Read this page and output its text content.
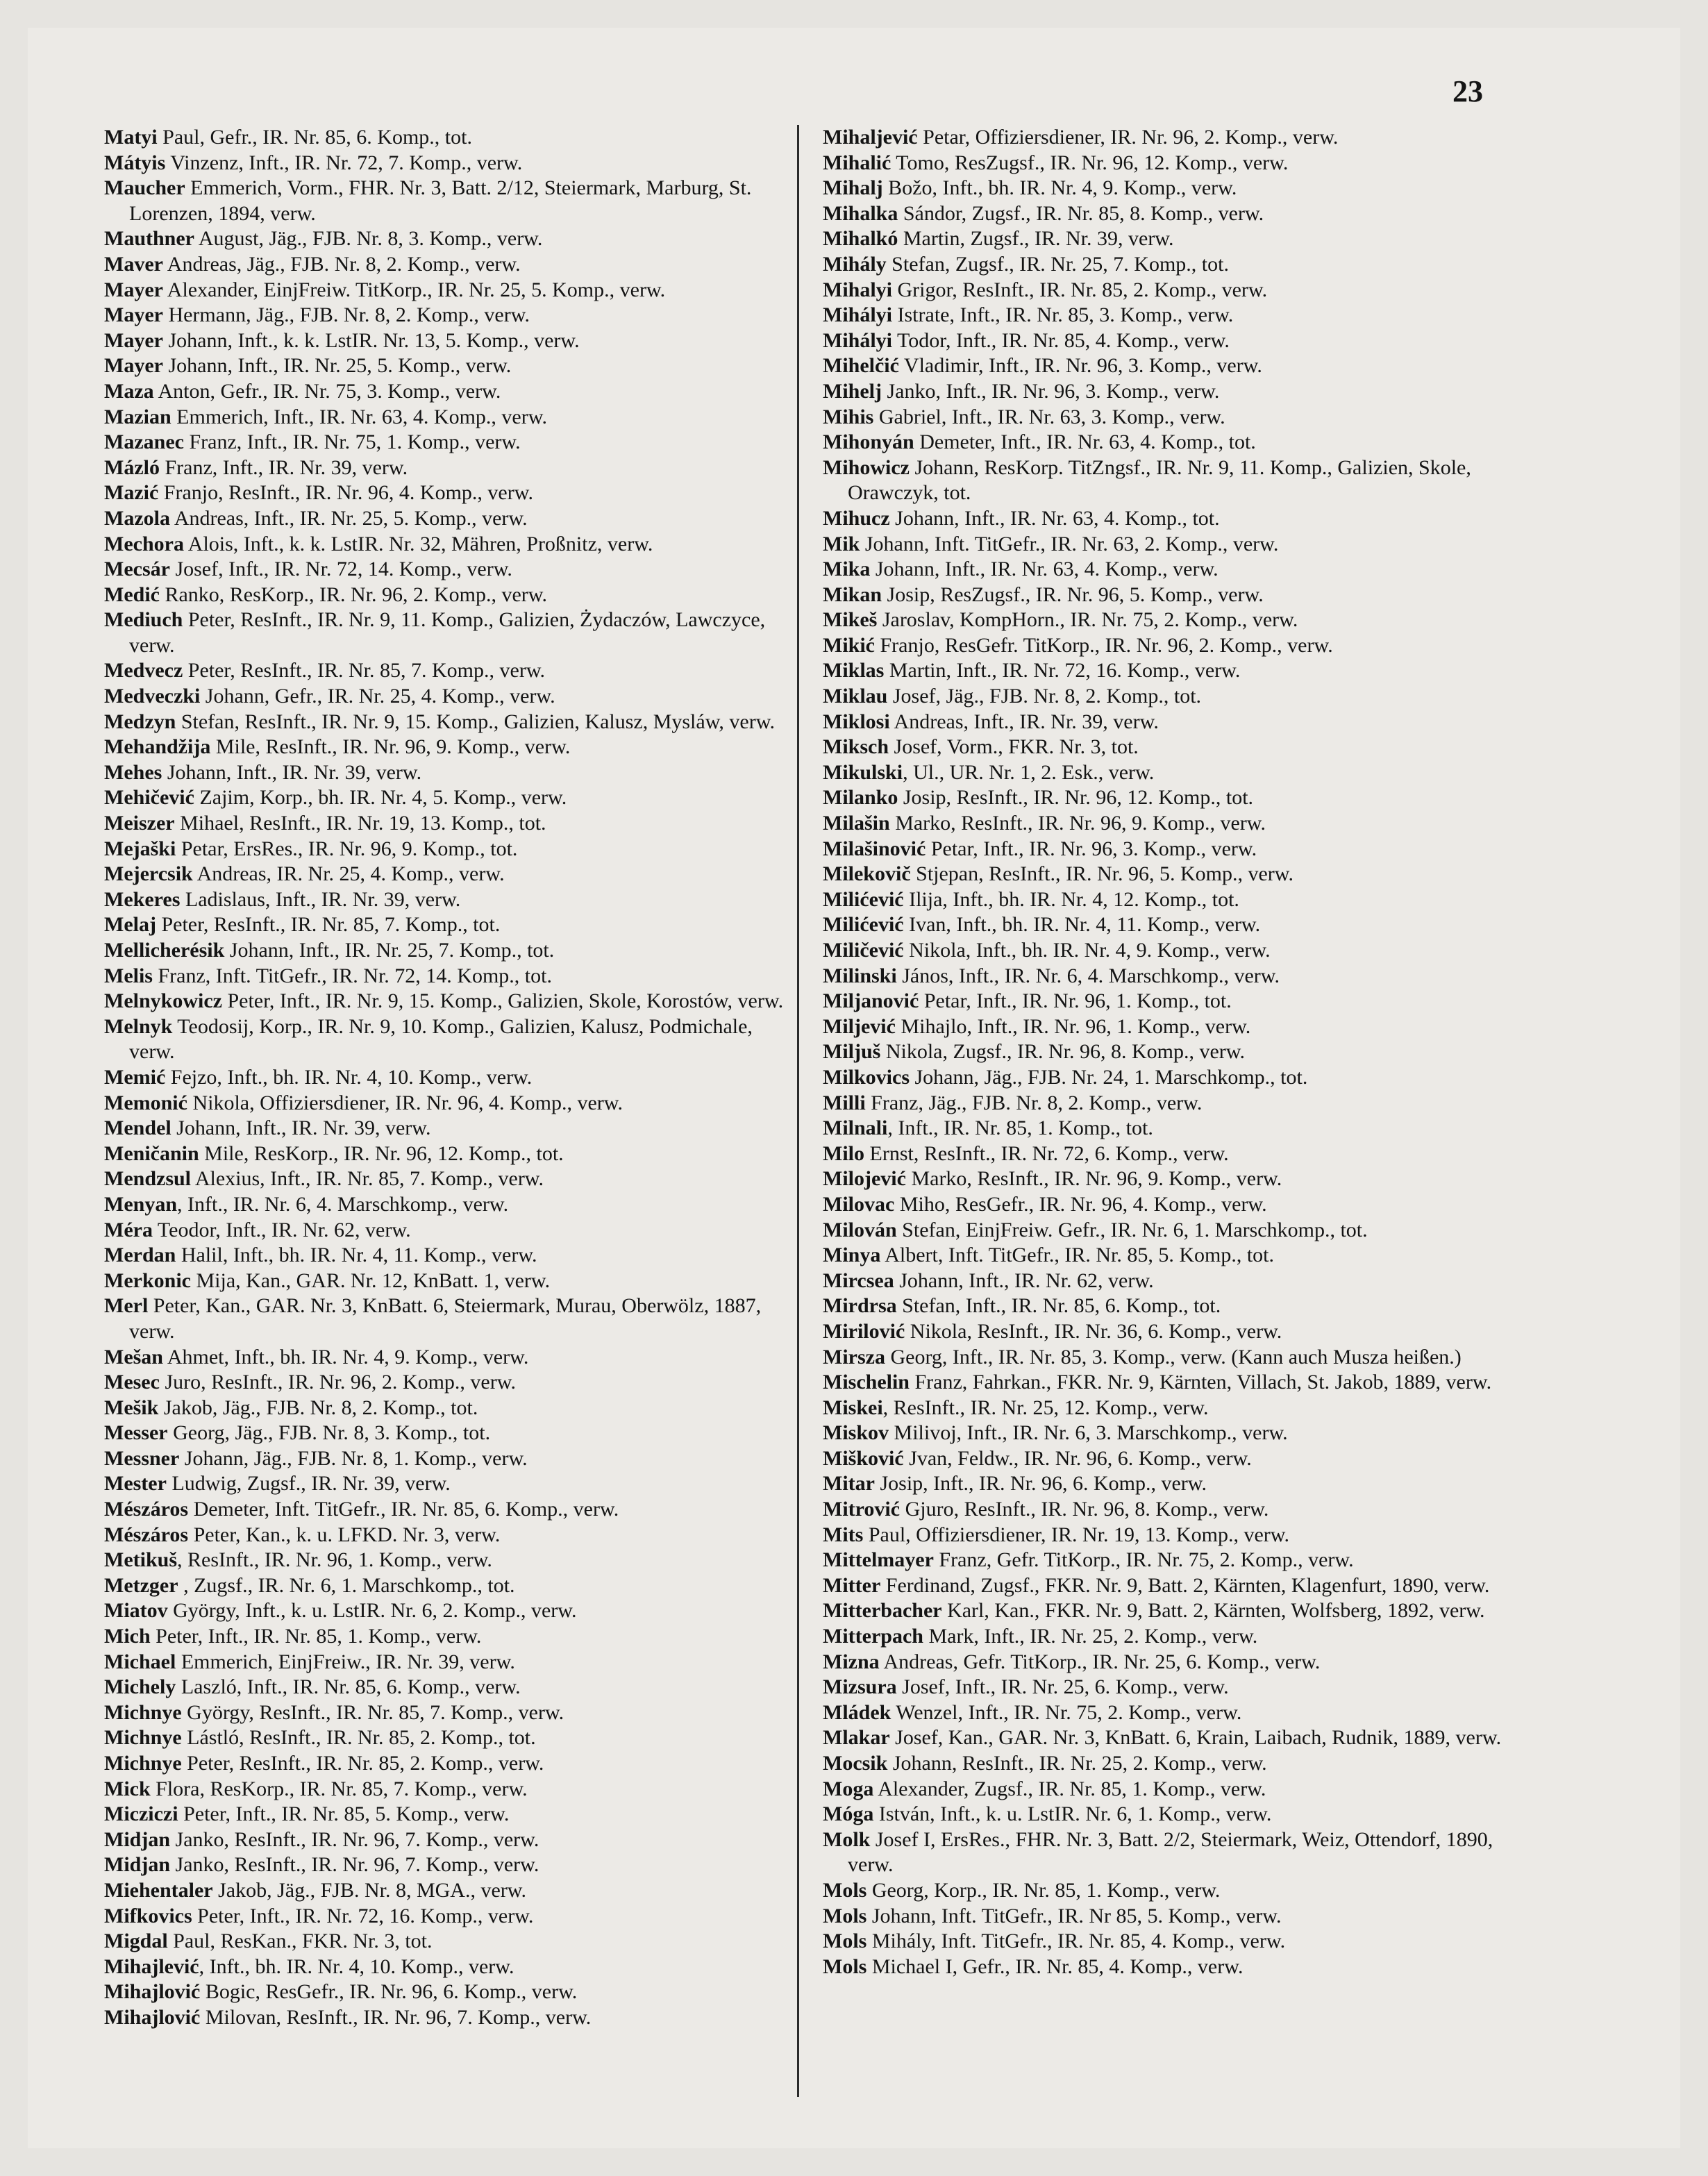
23
Matyi Paul, Gefr., IR. Nr. 85, 6. Komp., tot.
Mátyis Vinzenz, Inft., IR. Nr. 72, 7. Komp., verw.
Maucher Emmerich, Vorm., FHR. Nr. 3, Batt. 2/12, Steiermark, Marburg, St. Lorenzen, 1894, verw.
Mauthner August, Jäg., FJB. Nr. 8, 3. Komp., verw.
Maver Andreas, Jäg., FJB. Nr. 8, 2. Komp., verw.
Mayer Alexander, EinjFreiw. TitKorp., IR. Nr. 25, 5. Komp., verw.
Mayer Hermann, Jäg., FJB. Nr. 8, 2. Komp., verw.
Mayer Johann, Inft., k. k. LstIR. Nr. 13, 5. Komp., verw.
Mayer Johann, Inft., IR. Nr. 25, 5. Komp., verw.
Maza Anton, Gefr., IR. Nr. 75, 3. Komp., verw.
Mazian Emmerich, Inft., IR. Nr. 63, 4. Komp., verw.
Mazanec Franz, Inft., IR. Nr. 75, 1. Komp., verw.
Mázló Franz, Inft., IR. Nr. 39, verw.
Mazić Franjo, ResInft., IR. Nr. 96, 4. Komp., verw.
Mazola Andreas, Inft., IR. Nr. 25, 5. Komp., verw.
Mechora Alois, Inft., k. k. LstIR. Nr. 32, Mähren, Proßnitz, verw.
Mecsár Josef, Inft., IR. Nr. 72, 14. Komp., verw.
Medić Ranko, ResKorp., IR. Nr. 96, 2. Komp., verw.
Mediuch Peter, ResInft., IR. Nr. 9, 11. Komp., Galizien, Żydaczów, Lawczyce, verw.
Medvecz Peter, ResInft., IR. Nr. 85, 7. Komp., verw.
Medveczki Johann, Gefr., IR. Nr. 25, 4. Komp., verw.
Medzyn Stefan, ResInft., IR. Nr. 9, 15. Komp., Galizien, Kalusz, Mysláw, verw.
Mehandžija Mile, ResInft., IR. Nr. 96, 9. Komp., verw.
Mehes Johann, Inft., IR. Nr. 39, verw.
Mehičević Zajim, Korp., bh. IR. Nr. 4, 5. Komp., verw.
Meiszer Mihael, ResInft., IR. Nr. 19, 13. Komp., tot.
Mejaški Petar, ErsRes., IR. Nr. 96, 9. Komp., tot.
Mejercsik Andreas, IR. Nr. 25, 4. Komp., verw.
Mekeres Ladislaus, Inft., IR. Nr. 39, verw.
Melaj Peter, ResInft., IR. Nr. 85, 7. Komp., tot.
Mellicherésik Johann, Inft., IR. Nr. 25, 7. Komp., tot.
Melis Franz, Inft. TitGefr., IR. Nr. 72, 14. Komp., tot.
Melnykowicz Peter, Inft., IR. Nr. 9, 15. Komp., Galizien, Skole, Korostów, verw.
Melnyk Teodosij, Korp., IR. Nr. 9, 10. Komp., Galizien, Kalusz, Podmichale, verw.
Memić Fejzo, Inft., bh. IR. Nr. 4, 10. Komp., verw.
Memonić Nikola, Offiziersdiener, IR. Nr. 96, 4. Komp., verw.
Mendel Johann, Inft., IR. Nr. 39, verw.
Meničanin Mile, ResKorp., IR. Nr. 96, 12. Komp., tot.
Mendzsul Alexius, Inft., IR. Nr. 85, 7. Komp., verw.
Menyan, Inft., IR. Nr. 6, 4. Marschkomp., verw.
Méra Teodor, Inft., IR. Nr. 62, verw.
Merdan Halil, Inft., bh. IR. Nr. 4, 11. Komp., verw.
Merkonic Mija, Kan., GAR. Nr. 12, KnBatt. 1, verw.
Merl Peter, Kan., GAR. Nr. 3, KnBatt. 6, Steiermark, Murau, Oberwölz, 1887, verw.
Mešan Ahmet, Inft., bh. IR. Nr. 4, 9. Komp., verw.
Mesec Juro, ResInft., IR. Nr. 96, 2. Komp., verw.
Mešik Jakob, Jäg., FJB. Nr. 8, 2. Komp., tot.
Messer Georg, Jäg., FJB. Nr. 8, 3. Komp., tot.
Messner Johann, Jäg., FJB. Nr. 8, 1. Komp., verw.
Mester Ludwig, Zugsf., IR. Nr. 39, verw.
Mészáros Demeter, Inft. TitGefr., IR. Nr. 85, 6. Komp., verw.
Mészáros Peter, Kan., k. u. LFKD. Nr. 3, verw.
Metikuš, ResInft., IR. Nr. 96, 1. Komp., verw.
Metzger , Zugsf., IR. Nr. 6, 1. Marschkomp., tot.
Miatov György, Inft., k. u. LstIR. Nr. 6, 2. Komp., verw.
Mich Peter, Inft., IR. Nr. 85, 1. Komp., verw.
Michael Emmerich, EinjFreiw., IR. Nr. 39, verw.
Michely Laszló, Inft., IR. Nr. 85, 6. Komp., verw.
Michnye György, ResInft., IR. Nr. 85, 7. Komp., verw.
Michnye Lástló, ResInft., IR. Nr. 85, 2. Komp., tot.
Michnye Peter, ResInft., IR. Nr. 85, 2. Komp., verw.
Mick Flora, ResKorp., IR. Nr. 85, 7. Komp., verw.
Micziczi Peter, Inft., IR. Nr. 85, 5. Komp., verw.
Midjan Janko, ResInft., IR. Nr. 96, 7. Komp., verw.
Midjan Janko, ResInft., IR. Nr. 96, 7. Komp., verw.
Miehentaler Jakob, Jäg., FJB. Nr. 8, MGA., verw.
Mifkovics Peter, Inft., IR. Nr. 72, 16. Komp., verw.
Migdal Paul, ResKan., FKR. Nr. 3, tot.
Mihajlević, Inft., bh. IR. Nr. 4, 10. Komp., verw.
Mihajlović Bogic, ResGefr., IR. Nr. 96, 6. Komp., verw.
Mihajlović Milovan, ResInft., IR. Nr. 96, 7. Komp., verw.
Mihaljević Petar, Offiziersdiener, IR. Nr. 96, 2. Komp., verw.
Mihalić Tomo, ResZugsf., IR. Nr. 96, 12. Komp., verw.
Mihalj Božo, Inft., bh. IR. Nr. 4, 9. Komp., verw.
Mihalka Sándor, Zugsf., IR. Nr. 85, 8. Komp., verw.
Mihalkó Martin, Zugsf., IR. Nr. 39, verw.
Mihály Stefan, Zugsf., IR. Nr. 25, 7. Komp., tot.
Mihalyi Grigor, ResInft., IR. Nr. 85, 2. Komp., verw.
Mihályi Istrate, Inft., IR. Nr. 85, 3. Komp., verw.
Mihályi Todor, Inft., IR. Nr. 85, 4. Komp., verw.
Mihelčić Vladimir, Inft., IR. Nr. 96, 3. Komp., verw.
Mihelj Janko, Inft., IR. Nr. 96, 3. Komp., verw.
Mihis Gabriel, Inft., IR. Nr. 63, 3. Komp., verw.
Mihonyán Demeter, Inft., IR. Nr. 63, 4. Komp., tot.
Mihowicz Johann, ResKorp. TitZngsf., IR. Nr. 9, 11. Komp., Galizien, Skole, Orawczyk, tot.
Mihucz Johann, Inft., IR. Nr. 63, 4. Komp., tot.
Mik Johann, Inft. TitGefr., IR. Nr. 63, 2. Komp., verw.
Mika Johann, Inft., IR. Nr. 63, 4. Komp., verw.
Mikan Josip, ResZugsf., IR. Nr. 96, 5. Komp., verw.
Mikeš Jaroslav, KompHorn., IR. Nr. 75, 2. Komp., verw.
Mikić Franjo, ResGefr. TitKorp., IR. Nr. 96, 2. Komp., verw.
Miklas Martin, Inft., IR. Nr. 72, 16. Komp., verw.
Miklau Josef, Jäg., FJB. Nr. 8, 2. Komp., tot.
Miklosi Andreas, Inft., IR. Nr. 39, verw.
Miksch Josef, Vorm., FKR. Nr. 3, tot.
Mikulski, Ul., UR. Nr. 1, 2. Esk., verw.
Milanko Josip, ResInft., IR. Nr. 96, 12. Komp., tot.
Milašin Marko, ResInft., IR. Nr. 96, 9. Komp., verw.
Milašinović Petar, Inft., IR. Nr. 96, 3. Komp., verw.
Milekovič Stjepan, ResInft., IR. Nr. 96, 5. Komp., verw.
Milićević Ilija, Inft., bh. IR. Nr. 4, 12. Komp., tot.
Milićević Ivan, Inft., bh. IR. Nr. 4, 11. Komp., verw.
Miličević Nikola, Inft., bh. IR. Nr. 4, 9. Komp., verw.
Milinski János, Inft., IR. Nr. 6, 4. Marschkomp., verw.
Miljanović Petar, Inft., IR. Nr. 96, 1. Komp., tot.
Miljević Mihajlo, Inft., IR. Nr. 96, 1. Komp., verw.
Miljuš Nikola, Zugsf., IR. Nr. 96, 8. Komp., verw.
Milkovics Johann, Jäg., FJB. Nr. 24, 1. Marschkomp., tot.
Milli Franz, Jäg., FJB. Nr. 8, 2. Komp., verw.
Milnali, Inft., IR. Nr. 85, 1. Komp., tot.
Milo Ernst, ResInft., IR. Nr. 72, 6. Komp., verw.
Milojević Marko, ResInft., IR. Nr. 96, 9. Komp., verw.
Milovac Miho, ResGefr., IR. Nr. 96, 4. Komp., verw.
Milován Stefan, EinjFreiw. Gefr., IR. Nr. 6, 1. Marschkomp., tot.
Minya Albert, Inft. TitGefr., IR. Nr. 85, 5. Komp., tot.
Mircsea Johann, Inft., IR. Nr. 62, verw.
Mirdrsa Stefan, Inft., IR. Nr. 85, 6. Komp., tot.
Mirilović Nikola, ResInft., IR. Nr. 36, 6. Komp., verw.
Mirsza Georg, Inft., IR. Nr. 85, 3. Komp., verw. (Kann auch Musza heißen.)
Mischelin Franz, Fahrkan., FKR. Nr. 9, Kärnten, Villach, St. Jakob, 1889, verw.
Miskei, ResInft., IR. Nr. 25, 12. Komp., verw.
Miskov Milivoj, Inft., IR. Nr. 6, 3. Marschkomp., verw.
Mišković Jvan, Feldw., IR. Nr. 96, 6. Komp., verw.
Mitar Josip, Inft., IR. Nr. 96, 6. Komp., verw.
Mitrović Gjuro, ResInft., IR. Nr. 96, 8. Komp., verw.
Mits Paul, Offiziersdiener, IR. Nr. 19, 13. Komp., verw.
Mittelmayer Franz, Gefr. TitKorp., IR. Nr. 75, 2. Komp., verw.
Mitter Ferdinand, Zugsf., FKR. Nr. 9, Batt. 2, Kärnten, Klagenfurt, 1890, verw.
Mitterbacher Karl, Kan., FKR. Nr. 9, Batt. 2, Kärnten, Wolfsberg, 1892, verw.
Mitterpach Mark, Inft., IR. Nr. 25, 2. Komp., verw.
Mizna Andreas, Gefr. TitKorp., IR. Nr. 25, 6. Komp., verw.
Mizsura Josef, Inft., IR. Nr. 25, 6. Komp., verw.
Mládek Wenzel, Inft., IR. Nr. 75, 2. Komp., verw.
Mlakar Josef, Kan., GAR. Nr. 3, KnBatt. 6, Krain, Laibach, Rudnik, 1889, verw.
Mocsik Johann, ResInft., IR. Nr. 25, 2. Komp., verw.
Moga Alexander, Zugsf., IR. Nr. 85, 1. Komp., verw.
Móga István, Inft., k. u. LstIR. Nr. 6, 1. Komp., verw.
Molk Josef I, ErsRes., FHR. Nr. 3, Batt. 2/2, Steiermark, Weiz, Ottendorf, 1890, verw.
Mols Georg, Korp., IR. Nr. 85, 1. Komp., verw.
Mols Johann, Inft. TitGefr., IR. Nr 85, 5. Komp., verw.
Mols Mihály, Inft. TitGefr., IR. Nr. 85, 4. Komp., verw.
Mols Michael I, Gefr., IR. Nr. 85, 4. Komp., verw.
